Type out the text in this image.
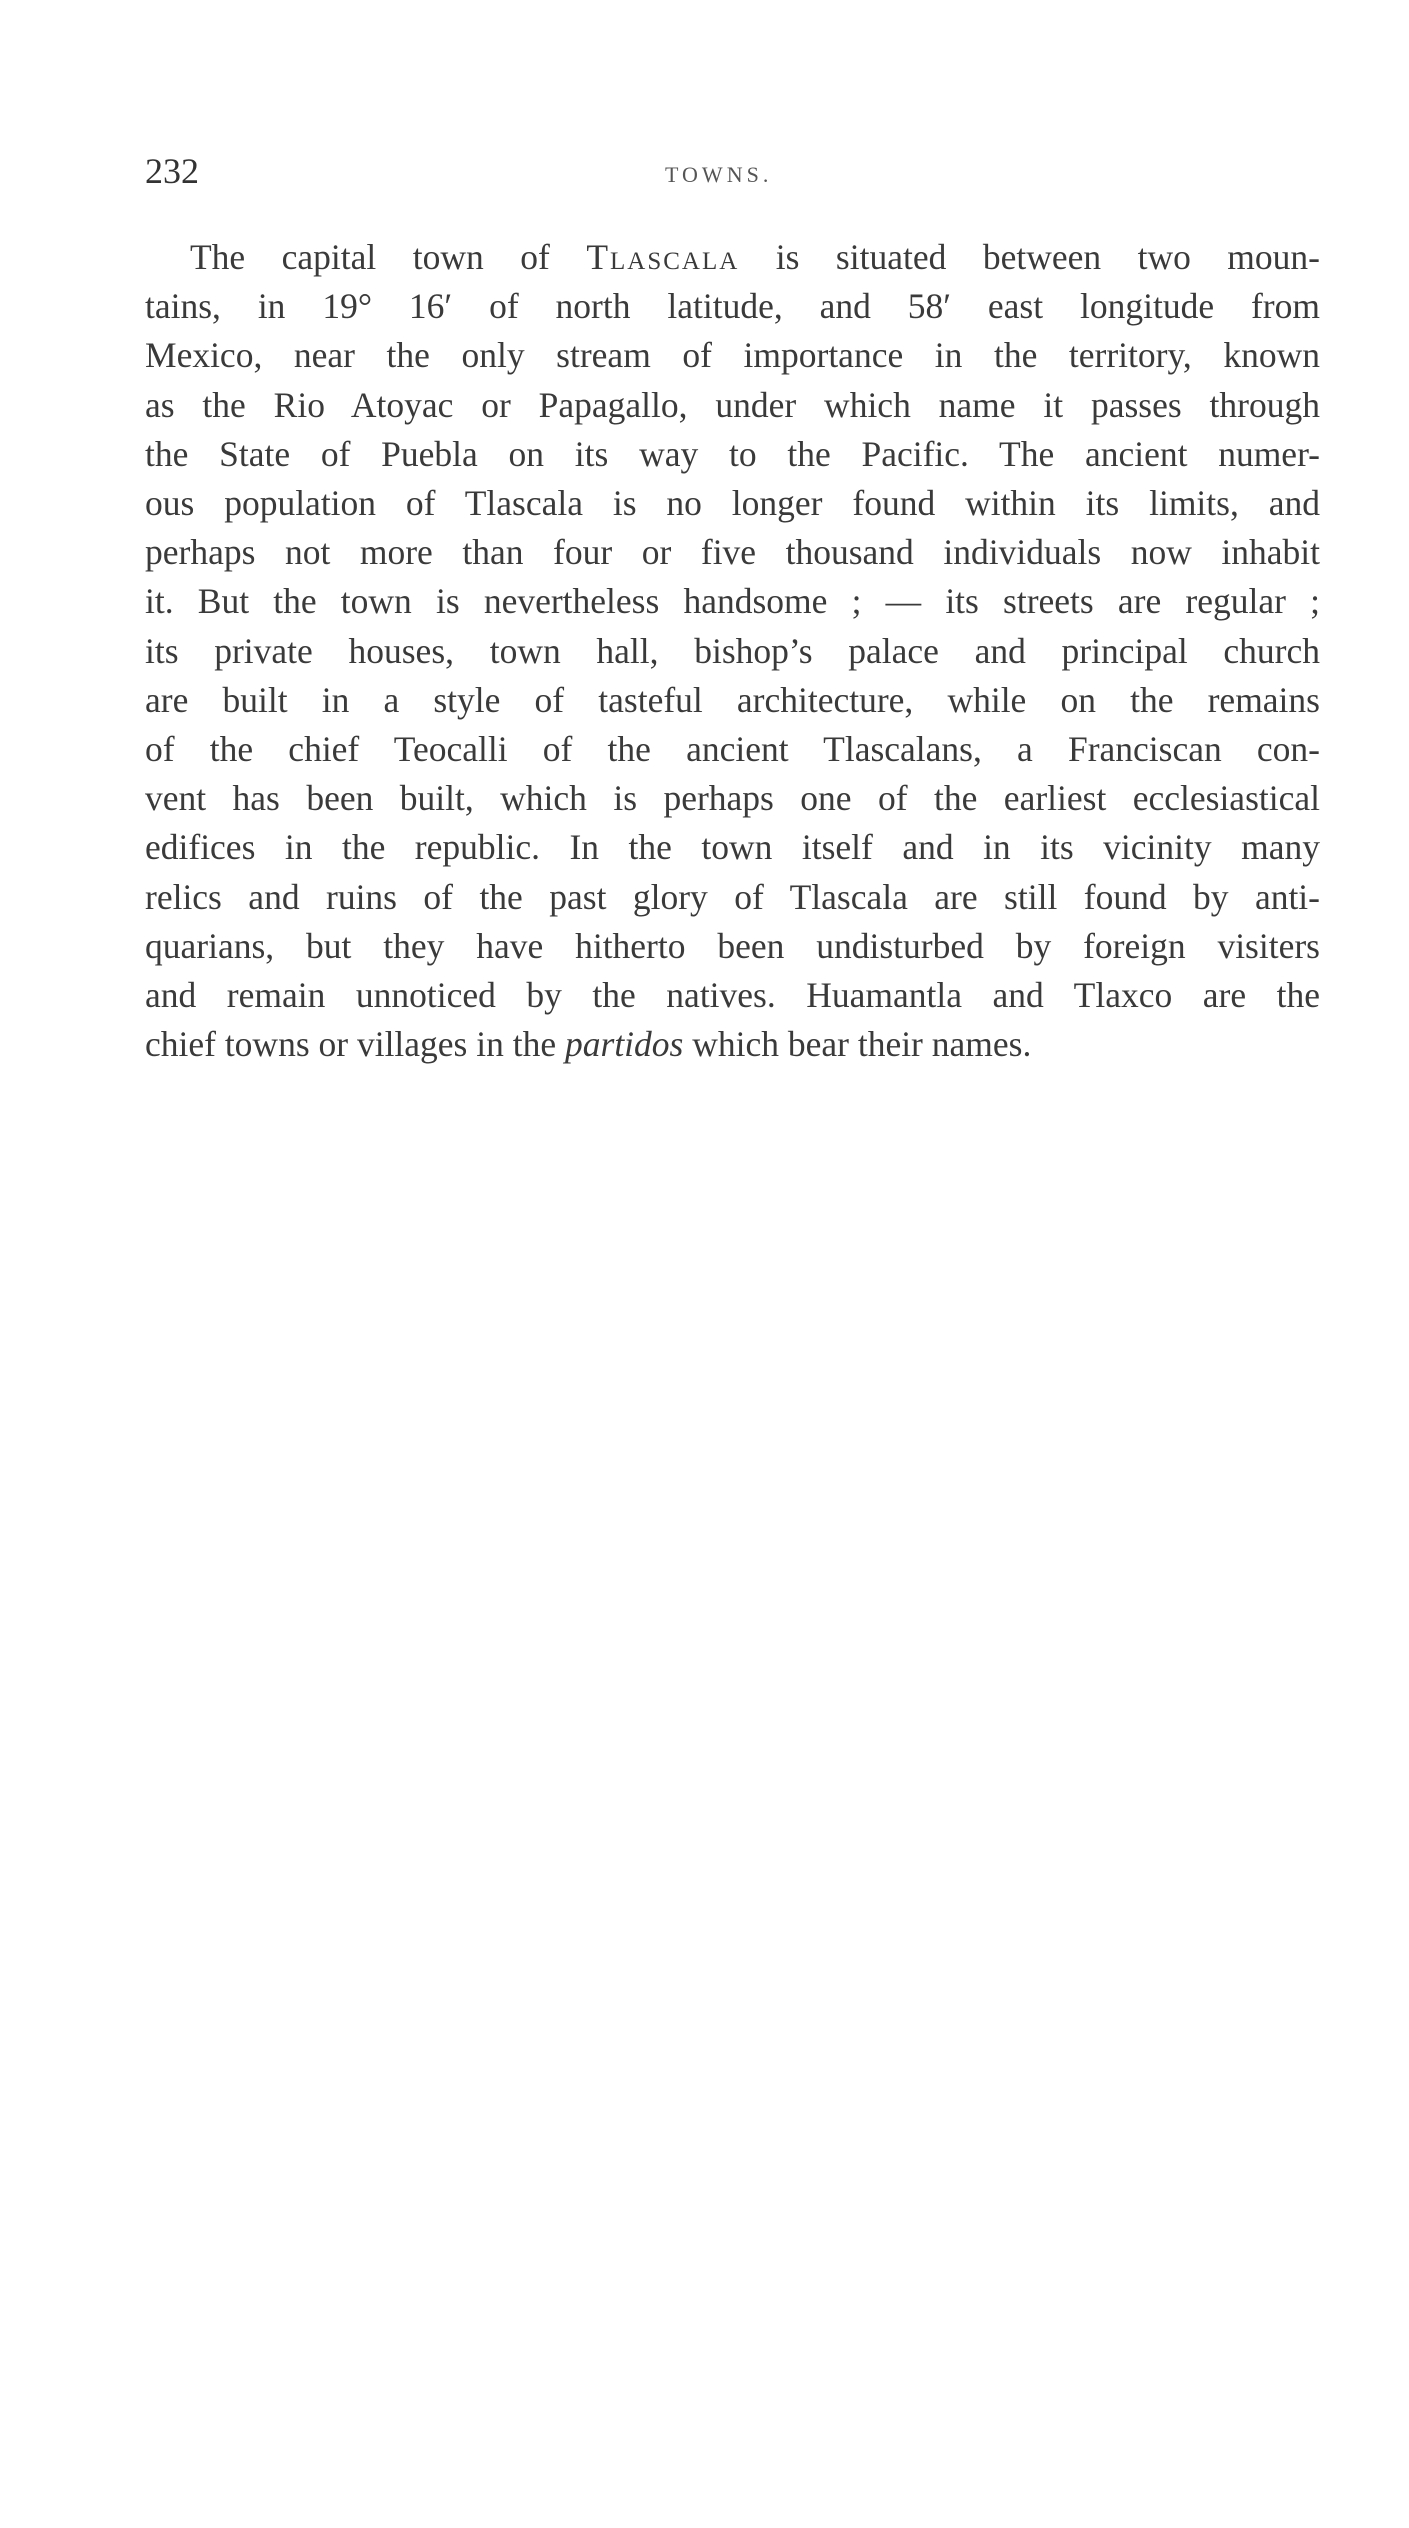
232	TOWNS.
The capital town of Tlascala is situated between two moun-
tains, in 19° 16′ of north latitude, and 58′ east longitude from
Mexico, near the only stream of importance in the territory, known
as the Rio Atoyac or Papagallo, under which name it passes through
the State of Puebla on its way to the Pacific. The ancient numer-
ous population of Tlascala is no longer found within its limits, and
perhaps not more than four or five thousand individuals now inhabit
it. But the town is nevertheless handsome ; — its streets are regular ;
its private houses, town hall, bishop’s palace and principal church
are built in a style of tasteful architecture, while on the remains
of the chief Teocalli of the ancient Tlascalans, a Franciscan con-
vent has been built, which is perhaps one of the earliest ecclesiastical
edifices in the republic. In the town itself and in its vicinity many
relics and ruins of the past glory of Tlascala are still found by anti-
quarians, but they have hitherto been undisturbed by foreign visiters
and remain unnoticed by the natives. Huamantla and Tlaxco are the
chief towns or villages in the partidos which bear their names.
